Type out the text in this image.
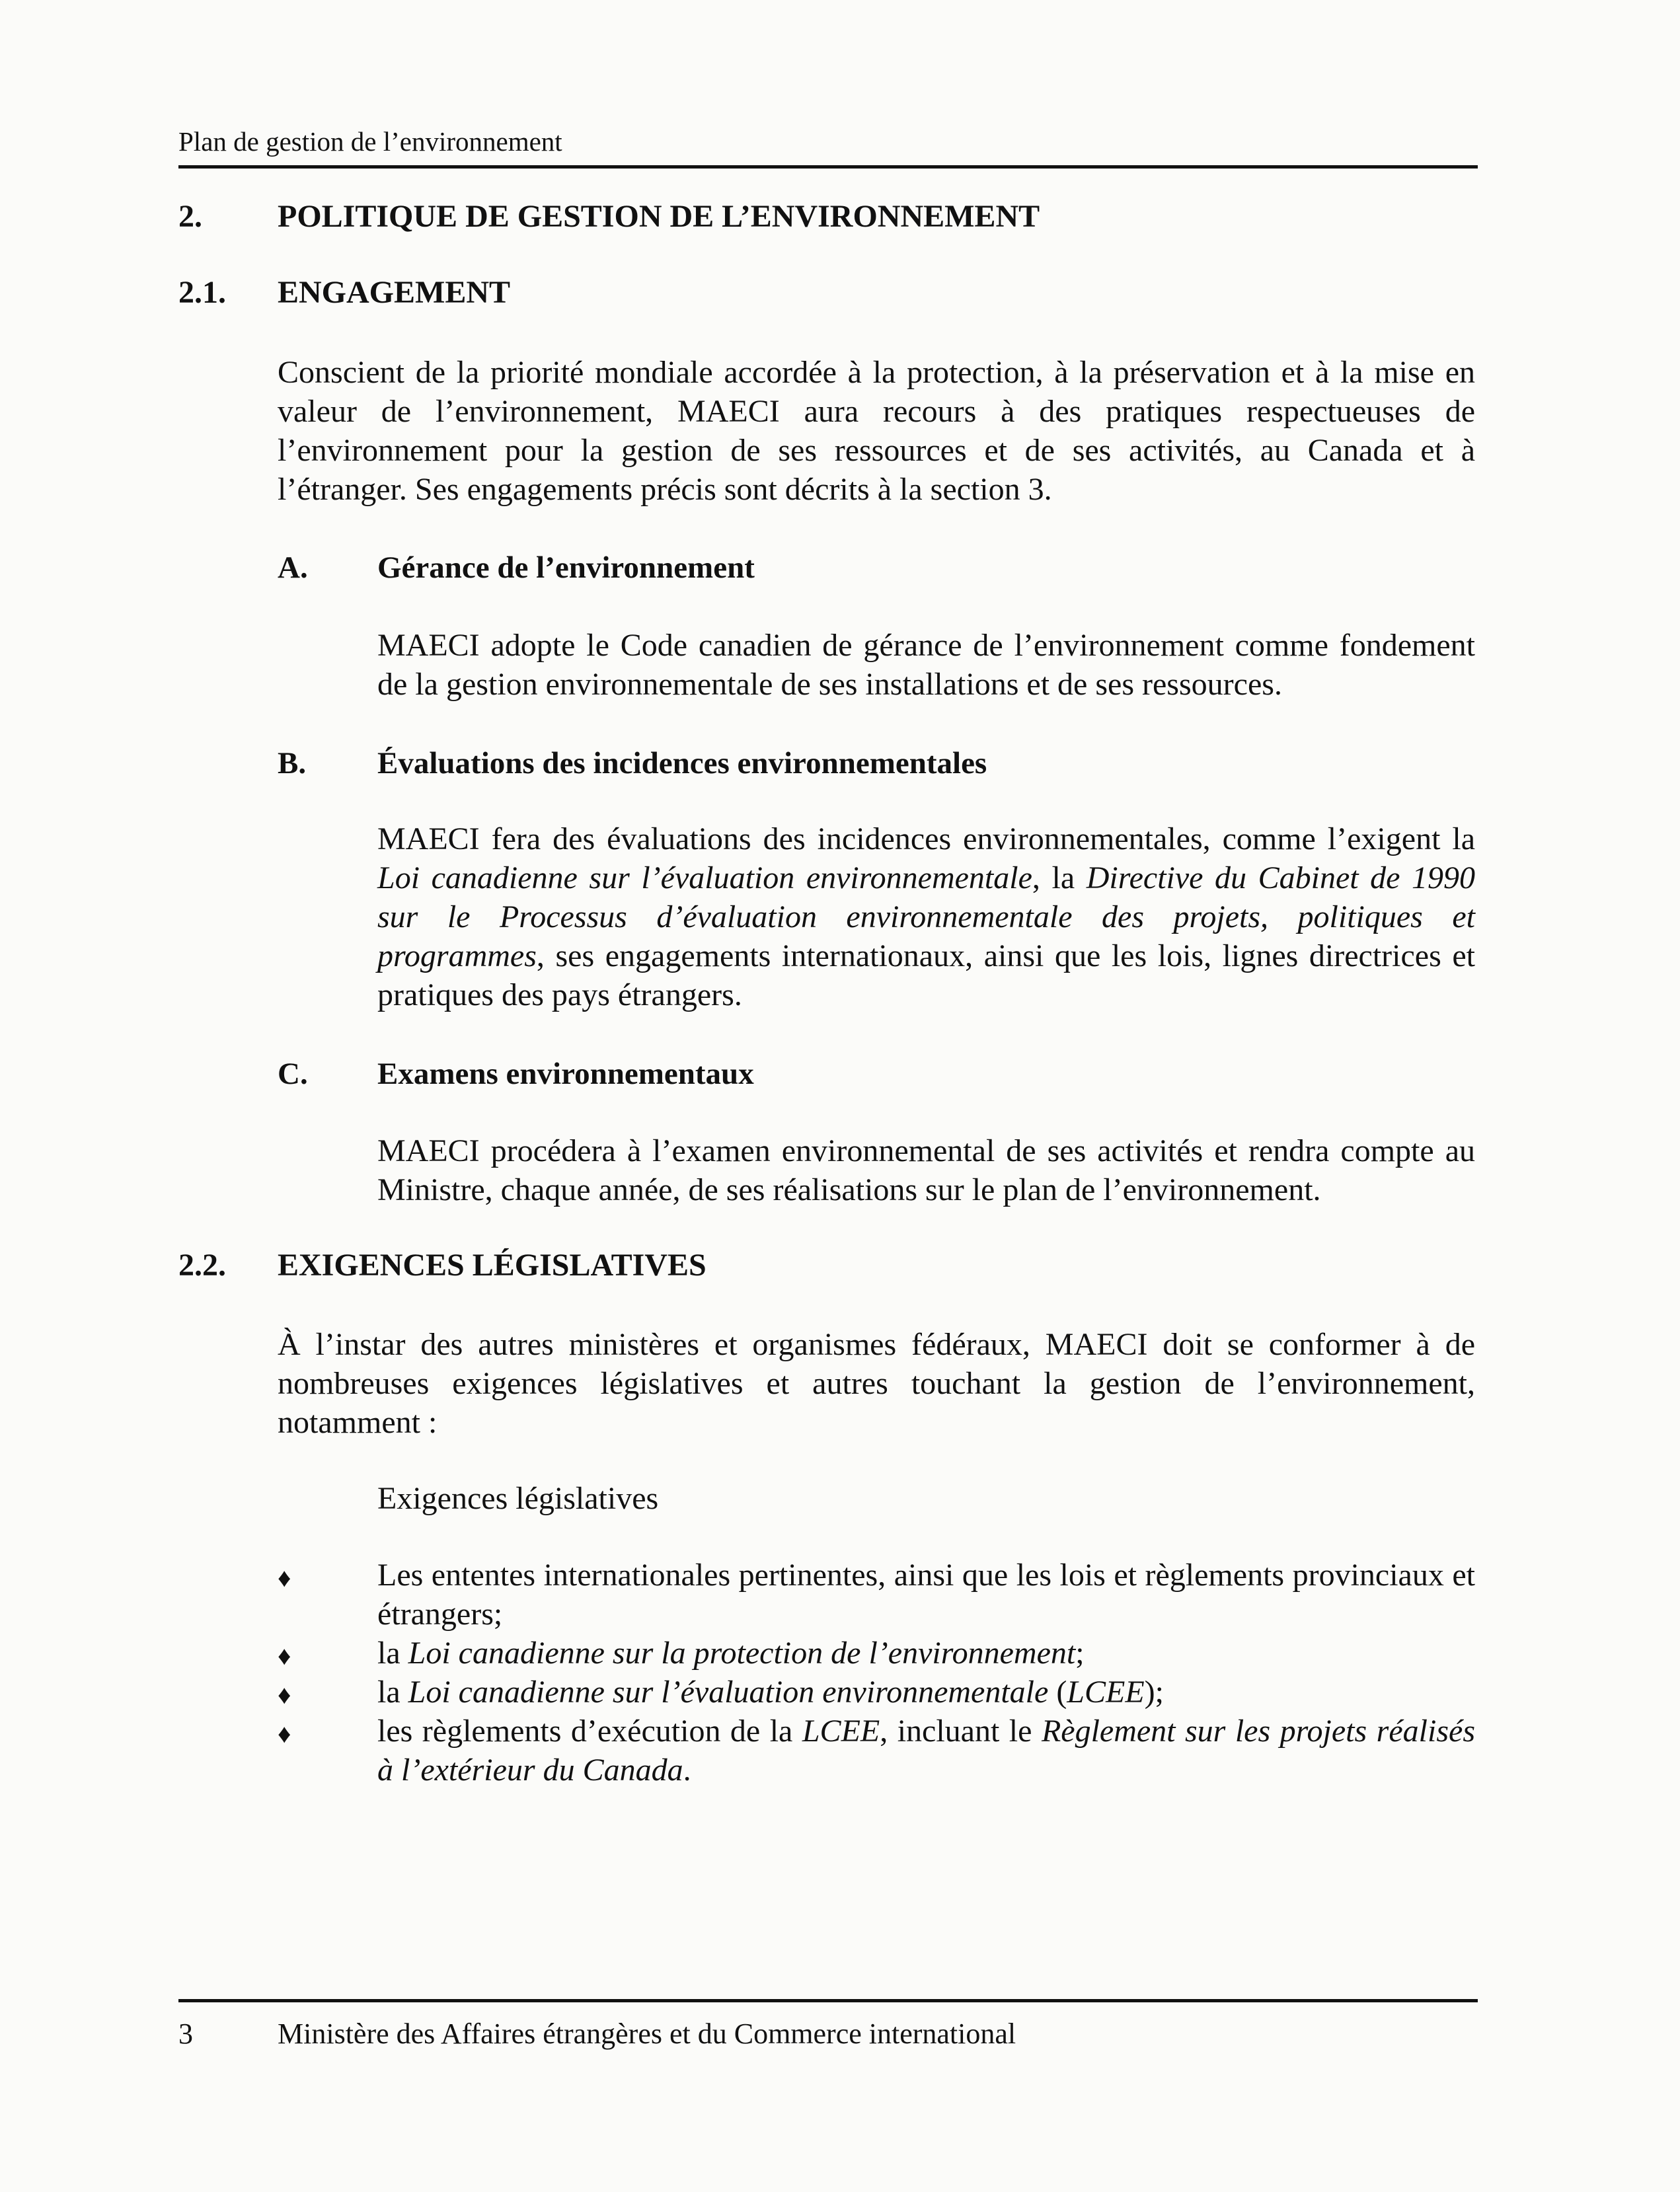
Plan de gestion de l’environnement
2. POLITIQUE DE GESTION DE L’ENVIRONNEMENT
2.1. ENGAGEMENT
Conscient de la priorité mondiale accordée à la protection, à la préservation et à la mise en valeur de l’environnement, MAECI aura recours à des pratiques respectueuses de l’environnement pour la gestion de ses ressources et de ses activités, au Canada et à l’étranger. Ses engagements précis sont décrits à la section 3.
A. Gérance de l’environnement
MAECI adopte le Code canadien de gérance de l’environnement comme fondement de la gestion environnementale de ses installations et de ses ressources.
B. Évaluations des incidences environnementales
MAECI fera des évaluations des incidences environnementales, comme l’exigent la Loi canadienne sur l’évaluation environnementale, la Directive du Cabinet de 1990 sur le Processus d’évaluation environnementale des projets, politiques et programmes, ses engagements internationaux, ainsi que les lois, lignes directrices et pratiques des pays étrangers.
C. Examens environnementaux
MAECI procédera à l’examen environnemental de ses activités et rendra compte au Ministre, chaque année, de ses réalisations sur le plan de l’environnement.
2.2. EXIGENCES LÉGISLATIVES
À l’instar des autres ministères et organismes fédéraux, MAECI doit se conformer à de nombreuses exigences législatives et autres touchant la gestion de l’environnement, notamment :
Exigences législatives
♦	Les ententes internationales pertinentes, ainsi que les lois et règlements provinciaux et étrangers;
♦	la Loi canadienne sur la protection de l’environnement;
♦	la Loi canadienne sur l’évaluation environnementale (LCEE);
♦	les règlements d’exécution de la LCEE, incluant le Règlement sur les projets réalisés à l’extérieur du Canada.
3	Ministère des Affaires étrangères et du Commerce international
